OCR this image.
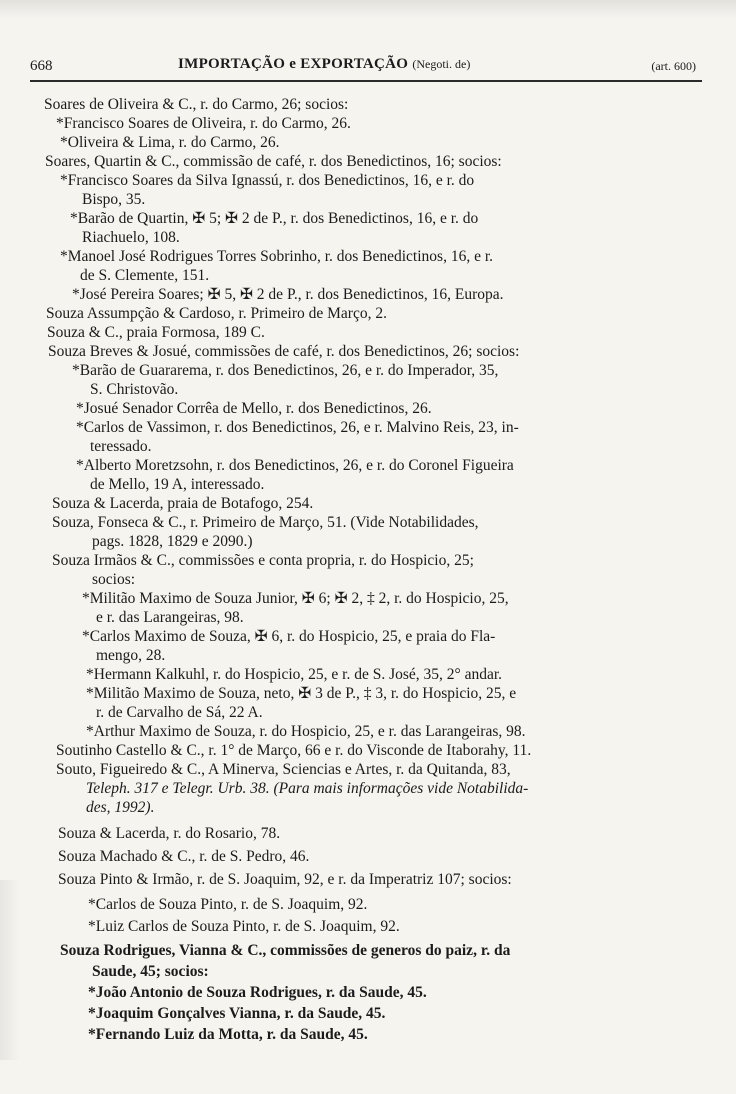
668	IMPORTAÇÃO e EXPORTAÇÃO (Negoti. de)	(art. 600)
Soares de Oliveira & C., r. do Carmo, 26; socios:
*Francisco Soares de Oliveira, r. do Carmo, 26.
*Oliveira & Lima, r. do Carmo, 26.
Soares, Quartin & C., commissão de café, r. dos Benedictinos, 16; socios:
*Francisco Soares da Silva Ignassú, r. dos Benedictinos, 16, e r. do
Bispo, 35.
*Barão de Quartin, ✠ 5; ✠ 2 de P., r. dos Benedictinos, 16, e r. do
Riachuelo, 108.
*Manoel José Rodrigues Torres Sobrinho, r. dos Benedictinos, 16, e r.
de S. Clemente, 151.
*José Pereira Soares; ✠ 5, ✠ 2 de P., r. dos Benedictinos, 16, Europa.
Souza Assumpção & Cardoso, r. Primeiro de Março, 2.
Souza & C., praia Formosa, 189 C.
Souza Breves & Josué, commissões de café, r. dos Benedictinos, 26; socios:
*Barão de Guararema, r. dos Benedictinos, 26, e r. do Imperador, 35,
S. Christovão.
*Josué Senador Corrêa de Mello, r. dos Benedictinos, 26.
*Carlos de Vassimon, r. dos Benedictinos, 26, e r. Malvino Reis, 23, in-
teressado.
*Alberto Moretzsohn, r. dos Benedictinos, 26, e r. do Coronel Figueira
de Mello, 19 A, interessado.
Souza & Lacerda, praia de Botafogo, 254.
Souza, Fonseca & C., r. Primeiro de Março, 51. (Vide Notabilidades,
pags. 1828, 1829 e 2090.)
Souza Irmãos & C., commissões e conta propria, r. do Hospicio, 25;
socios:
*Militão Maximo de Souza Junior, ✠ 6; ✠ 2, ‡ 2, r. do Hospicio, 25,
e r. das Larangeiras, 98.
*Carlos Maximo de Souza, ✠ 6, r. do Hospicio, 25, e praia do Fla-
mengo, 28.
*Hermann Kalkuhl, r. do Hospicio, 25, e r. de S. José, 35, 2° andar.
*Militão Maximo de Souza, neto, ✠ 3 de P., ‡ 3, r. do Hospicio, 25, e
r. de Carvalho de Sá, 22 A.
*Arthur Maximo de Souza, r. do Hospicio, 25, e r. das Larangeiras, 98.
Soutinho Castello & C., r. 1° de Março, 66 e r. do Visconde de Itaborahy, 11.
Souto, Figueiredo & C., A Minerva, Sciencias e Artes, r. da Quitanda, 83,
Teleph. 317 e Telegr. Urb. 38. (Para mais informações vide Notabilida-
des, 1992).
Souza & Lacerda, r. do Rosario, 78.
Souza Machado & C., r. de S. Pedro, 46.
Souza Pinto & Irmão, r. de S. Joaquim, 92, e r. da Imperatriz 107; socios:
*Carlos de Souza Pinto, r. de S. Joaquim, 92.
*Luiz Carlos de Souza Pinto, r. de S. Joaquim, 92.
Souza Rodrigues, Vianna & C., commissões de generos do paiz, r. da
Saude, 45; socios:
*João Antonio de Souza Rodrigues, r. da Saude, 45.
*Joaquim Gonçalves Vianna, r. da Saude, 45.
*Fernando Luiz da Motta, r. da Saude, 45.
